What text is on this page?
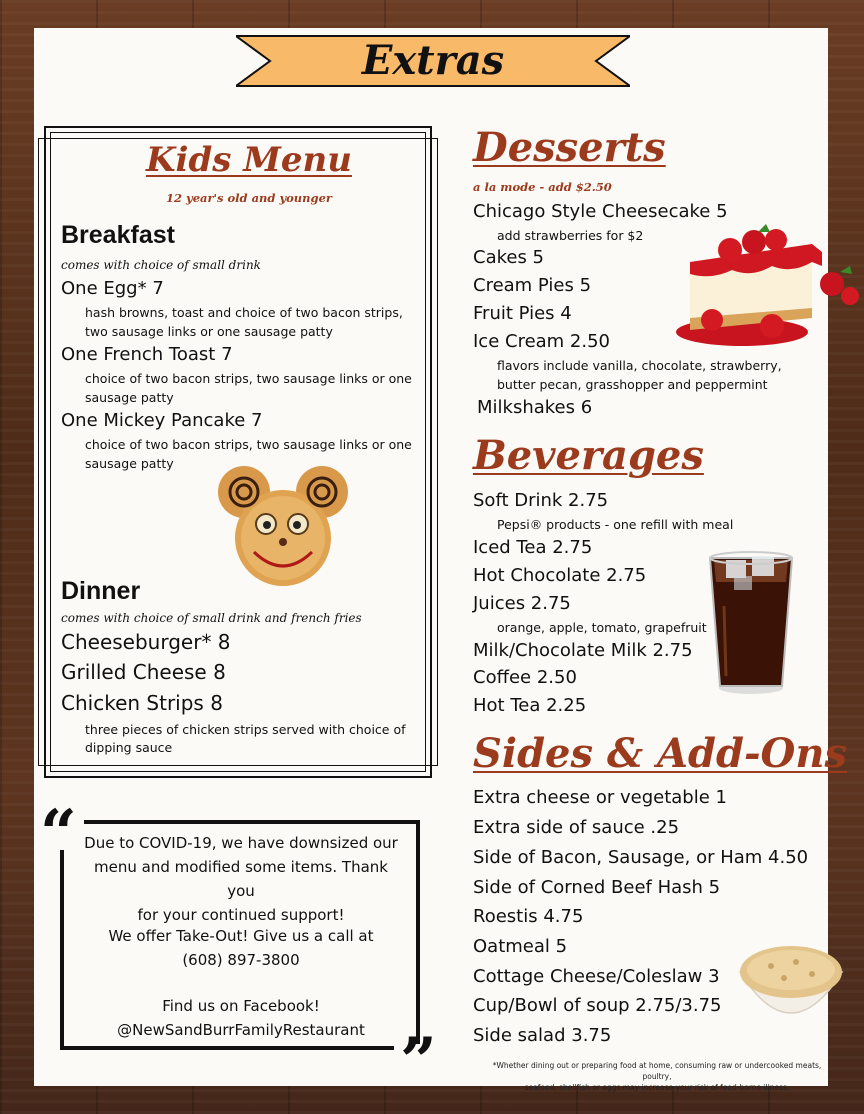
Extras
Kids Menu
12 year's old and younger
Breakfast
comes with choice of small drink
One Egg* 7
hash browns, toast and choice of two bacon strips,
two sausage links or one sausage patty
One French Toast 7
choice of two bacon strips, two sausage links or one
sausage patty
One Mickey Pancake 7
choice of two bacon strips, two sausage links or one
sausage patty
Dinner
comes with choice of small drink and french fries
Cheeseburger* 8
Grilled Cheese 8
Chicken Strips 8
three pieces of chicken strips served with choice of
dipping sauce
“
”
Due to COVID-19, we have downsized our
menu and modified some items. Thank you
for your continued support!
We offer Take-Out! Give us a call at
(608) 897-3800
Find us on Facebook!
@NewSandBurrFamilyRestaurant
Desserts
a la mode - add $2.50
Chicago Style Cheesecake 5
add strawberries for $2
Cakes 5
Cream Pies 5
Fruit Pies 4
Ice Cream 2.50
flavors include vanilla, chocolate, strawberry,
butter pecan, grasshopper and peppermint
Milkshakes 6
Beverages
Soft Drink 2.75
Pepsi® products - one refill with meal
Iced Tea 2.75
Hot Chocolate 2.75
Juices 2.75
orange, apple, tomato, grapefruit
Milk/Chocolate Milk 2.75
Coffee 2.50
Hot Tea 2.25
Sides & Add-Ons
Extra cheese or vegetable 1
Extra side of sauce .25
Side of Bacon, Sausage, or Ham 4.50
Side of Corned Beef Hash 5
Roestis 4.75
Oatmeal 5
Cottage Cheese/Coleslaw 3
Cup/Bowl of soup 2.75/3.75
Side salad 3.75
*Whether dining out or preparing food at home, consuming raw or undercooked meats, poultry,
seafood, shellfish or eggs may increase your risk of food-borne illness.
